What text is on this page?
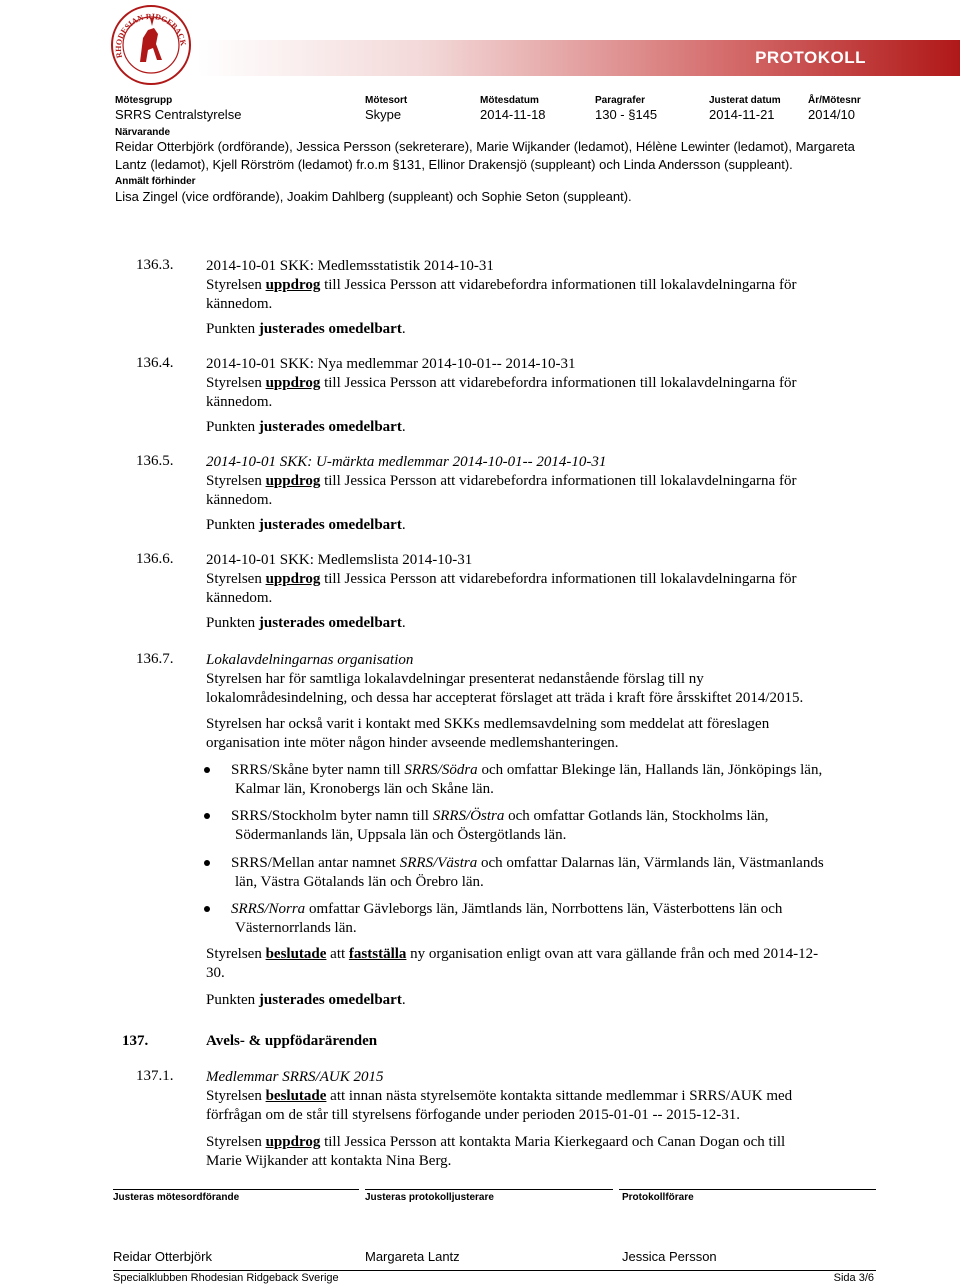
RHODESIAN RIDGEBACK
PROTOKOLL
Mötesgrupp
SRRS Centralstyrelse
Mötesort
Skype
Mötesdatum
2014-11-18
Paragrafer
130 - §145
Justerat datum
2014-11-21
År/Mötesnr
2014/10
Närvarande
Reidar Otterbjörk (ordförande), Jessica Persson (sekreterare), Marie Wijkander (ledamot), Hélène Lewinter (ledamot), Margareta
Lantz (ledamot), Kjell Rörström (ledamot) fr.o.m §131, Ellinor Drakensjö (suppleant) och Linda Andersson (suppleant).
Anmält förhinder
Lisa Zingel (vice ordförande), Joakim Dahlberg (suppleant) och Sophie Seton (suppleant).
136.3. 2014-10-01 SKK: Medlemsstatistik 2014-10-31
Styrelsen uppdrog till Jessica Persson att vidarebefordra informationen till lokalavdelningarna för
kännedom.
Punkten justerades omedelbart.
136.4. 2014-10-01 SKK: Nya medlemmar 2014-10-01-- 2014-10-31
Styrelsen uppdrog till Jessica Persson att vidarebefordra informationen till lokalavdelningarna för
kännedom.
Punkten justerades omedelbart.
136.5. 2014-10-01 SKK: U-märkta medlemmar 2014-10-01-- 2014-10-31
Styrelsen uppdrog till Jessica Persson att vidarebefordra informationen till lokalavdelningarna för
kännedom.
Punkten justerades omedelbart.
136.6. 2014-10-01 SKK: Medlemslista 2014-10-31
Styrelsen uppdrog till Jessica Persson att vidarebefordra informationen till lokalavdelningarna för
kännedom.
Punkten justerades omedelbart.
136.7. Lokalavdelningarnas organisation
Styrelsen har för samtliga lokalavdelningar presenterat nedanstående förslag till ny
lokalområdesindelning, och dessa har accepterat förslaget att träda i kraft före årsskiftet 2014/2015.
Styrelsen har också varit i kontakt med SKKs medlemsavdelning som meddelat att föreslagen
organisation inte möter någon hinder avseende medlemshanteringen.
SRRS/Skåne byter namn till SRRS/Södra och omfattar Blekinge län, Hallands län, Jönköpings län,
Kalmar län, Kronobergs län och Skåne län.
SRRS/Stockholm byter namn till SRRS/Östra och omfattar Gotlands län, Stockholms län,
Södermanlands län, Uppsala län och Östergötlands län.
SRRS/Mellan antar namnet SRRS/Västra och omfattar Dalarnas län, Värmlands län, Västmanlands
län, Västra Götalands län och Örebro län.
SRRS/Norra omfattar Gävleborgs län, Jämtlands län, Norrbottens län, Västerbottens län och
Västernorrlands län.
Styrelsen beslutade att fastställa ny organisation enligt ovan att vara gällande från och med 2014-12-
30.
Punkten justerades omedelbart.
137.	Avels- & uppfödarärenden
137.1. Medlemmar SRRS/AUK 2015
Styrelsen beslutade att innan nästa styrelsemöte kontakta sittande medlemmar i SRRS/AUK med
förfrågan om de står till styrelsens förfogande under perioden 2015-01-01 -- 2015-12-31.
Styrelsen uppdrog till Jessica Persson att kontakta Maria Kierkegaard och Canan Dogan och till
Marie Wijkander att kontakta Nina Berg.
Justeras mötesordförande	Justeras protokolljusterare	Protokollförare
Reidar Otterbjörk	Margareta Lantz	Jessica Persson
Specialklubben Rhodesian Ridgeback Sverige	Sida 3/6
